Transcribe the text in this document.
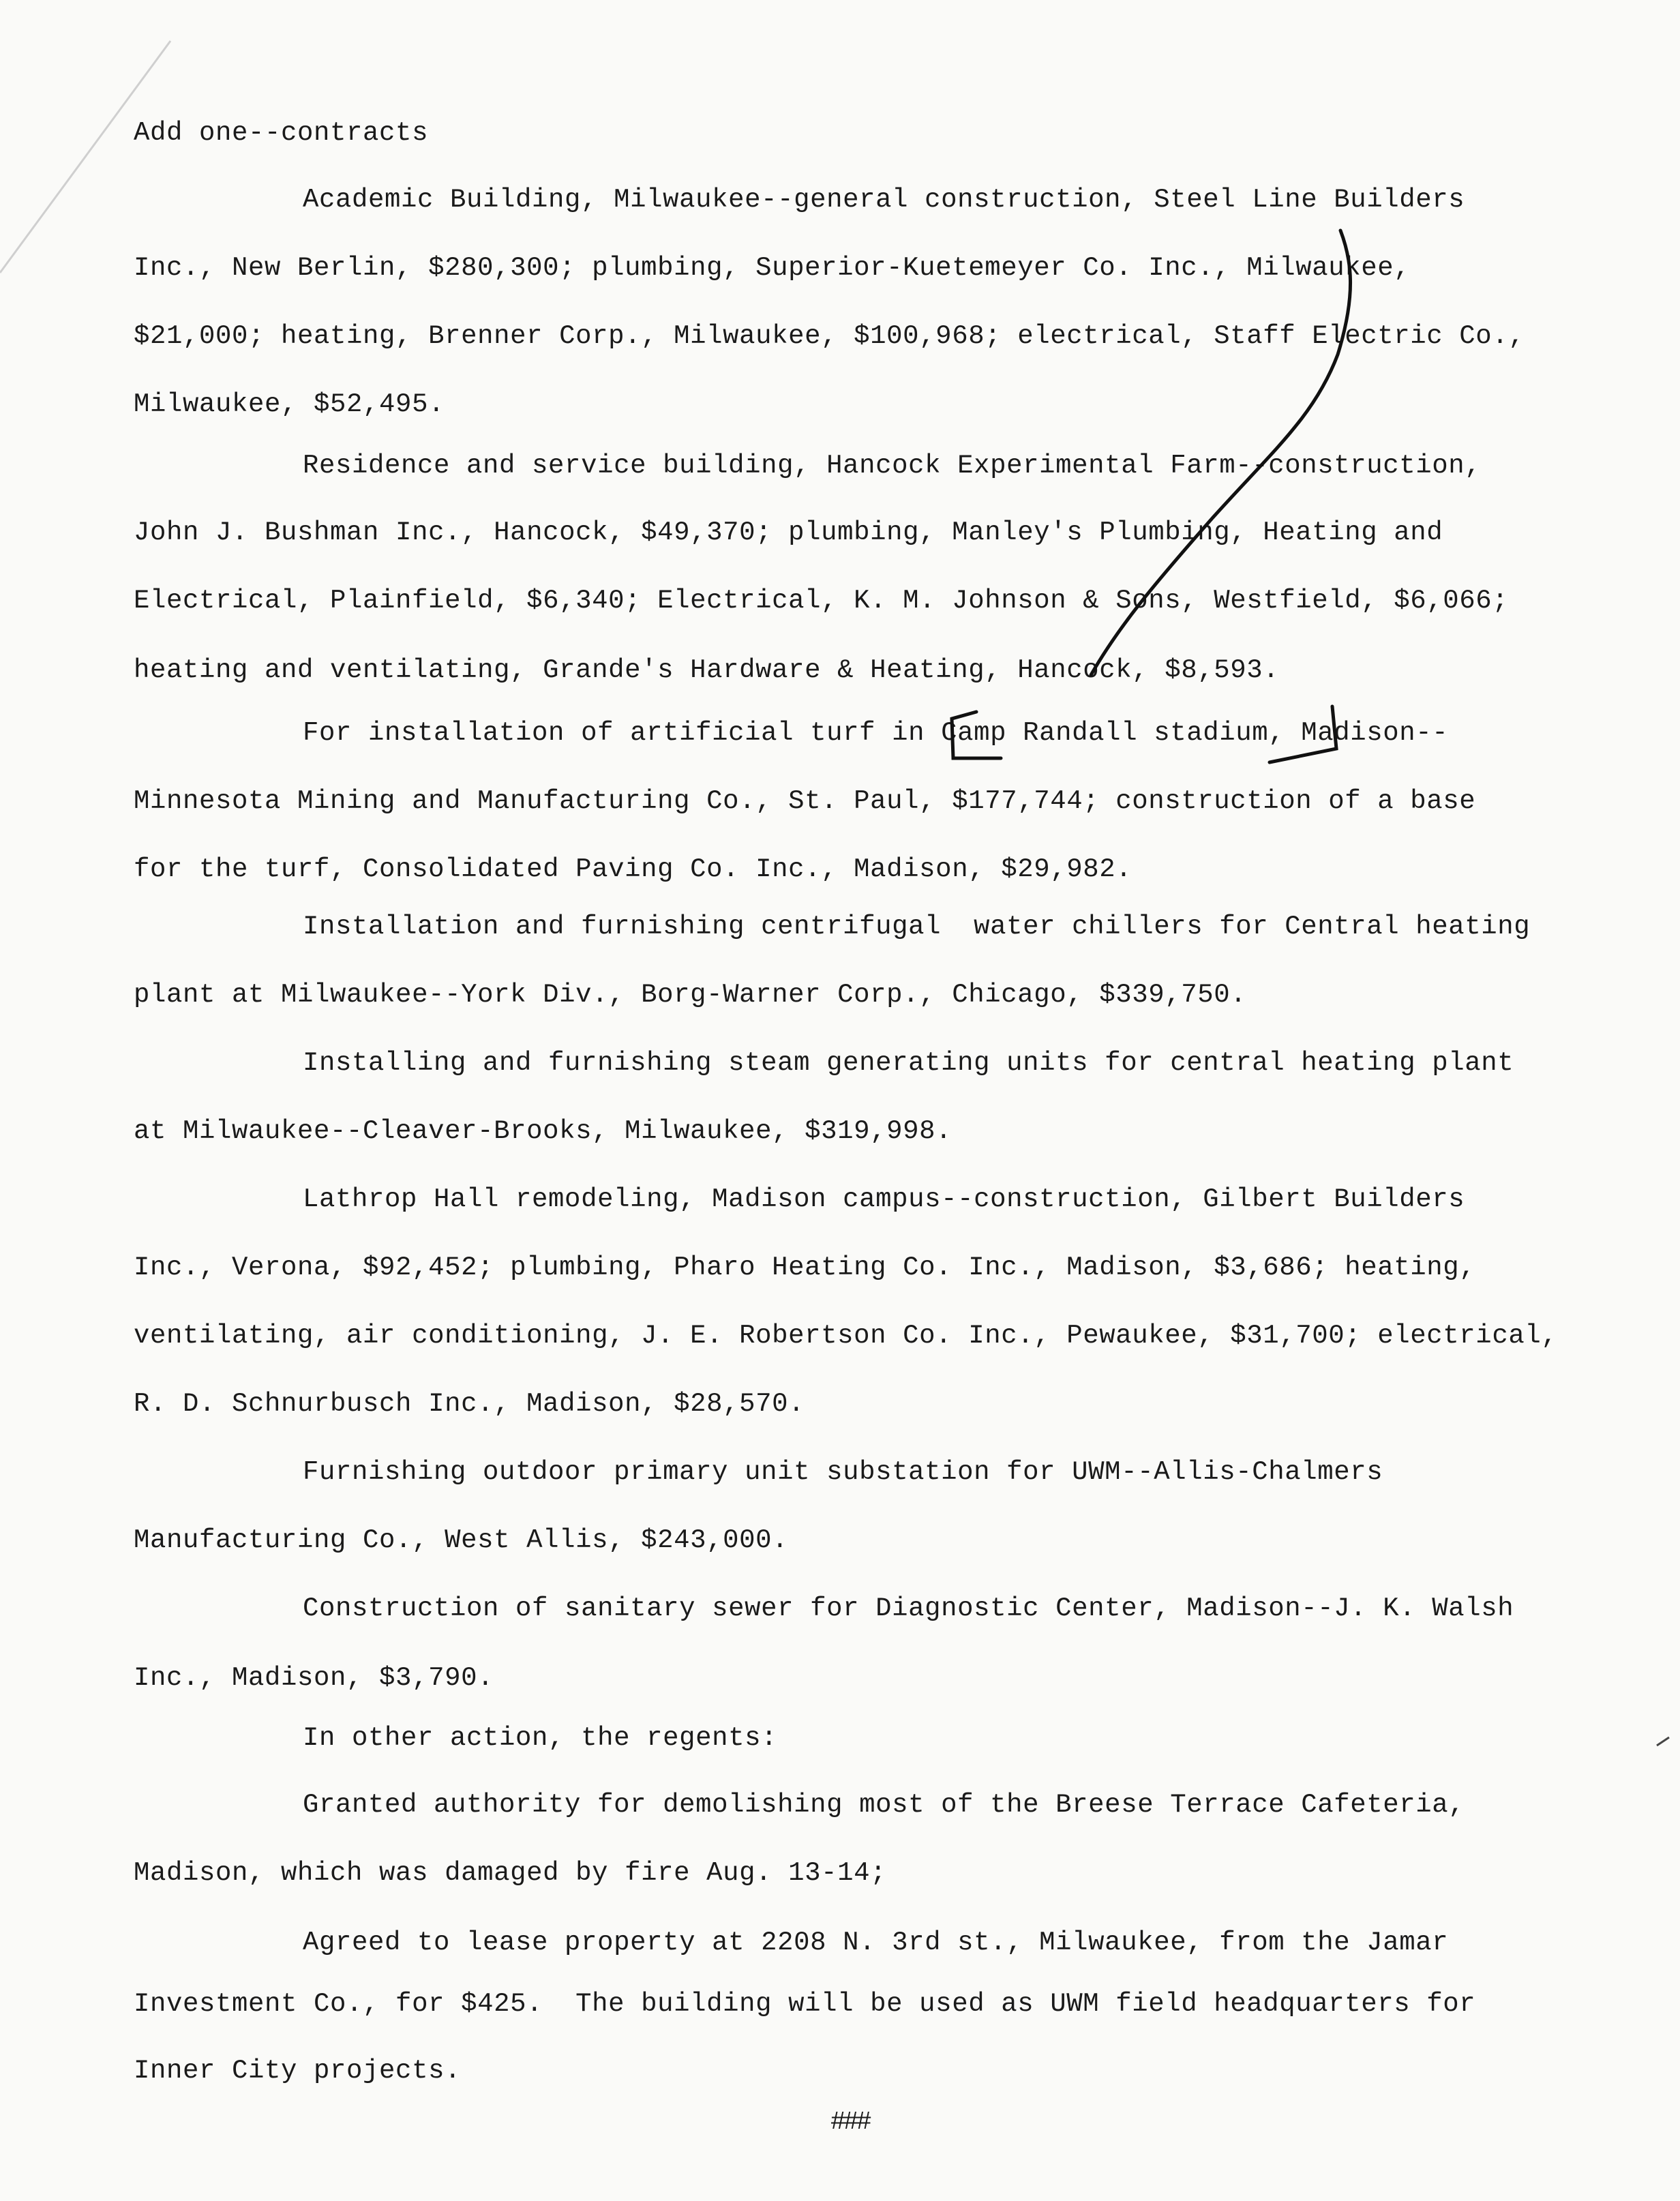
Add one--contracts
Academic Building, Milwaukee--general construction, Steel Line Builders
Inc., New Berlin, $280,300; plumbing, Superior-Kuetemeyer Co. Inc., Milwaukee,
$21,000; heating, Brenner Corp., Milwaukee, $100,968; electrical, Staff Electric Co.,
Milwaukee, $52,495.
Residence and service building, Hancock Experimental Farm--construction,
John J. Bushman Inc., Hancock, $49,370; plumbing, Manley's Plumbing, Heating and
Electrical, Plainfield, $6,340; Electrical, K. M. Johnson & Sons, Westfield, $6,066;
heating and ventilating, Grande's Hardware & Heating, Hancock, $8,593.
For installation of artificial turf in Camp Randall stadium, Madison--
Minnesota Mining and Manufacturing Co., St. Paul, $177,744; construction of a base
for the turf, Consolidated Paving Co. Inc., Madison, $29,982.
Installation and furnishing centrifugal  water chillers for Central heating
plant at Milwaukee--York Div., Borg-Warner Corp., Chicago, $339,750.
Installing and furnishing steam generating units for central heating plant
at Milwaukee--Cleaver-Brooks, Milwaukee, $319,998.
Lathrop Hall remodeling, Madison campus--construction, Gilbert Builders
Inc., Verona, $92,452; plumbing, Pharo Heating Co. Inc., Madison, $3,686; heating,
ventilating, air conditioning, J. E. Robertson Co. Inc., Pewaukee, $31,700; electrical,
R. D. Schnurbusch Inc., Madison, $28,570.
Furnishing outdoor primary unit substation for UWM--Allis-Chalmers
Manufacturing Co., West Allis, $243,000.
Construction of sanitary sewer for Diagnostic Center, Madison--J. K. Walsh
Inc., Madison, $3,790.
In other action, the regents:
Granted authority for demolishing most of the Breese Terrace Cafeteria,
Madison, which was damaged by fire Aug. 13-14;
Agreed to lease property at 2208 N. 3rd st., Milwaukee, from the Jamar
Investment Co., for $425.  The building will be used as UWM field headquarters for
Inner City projects.
###
